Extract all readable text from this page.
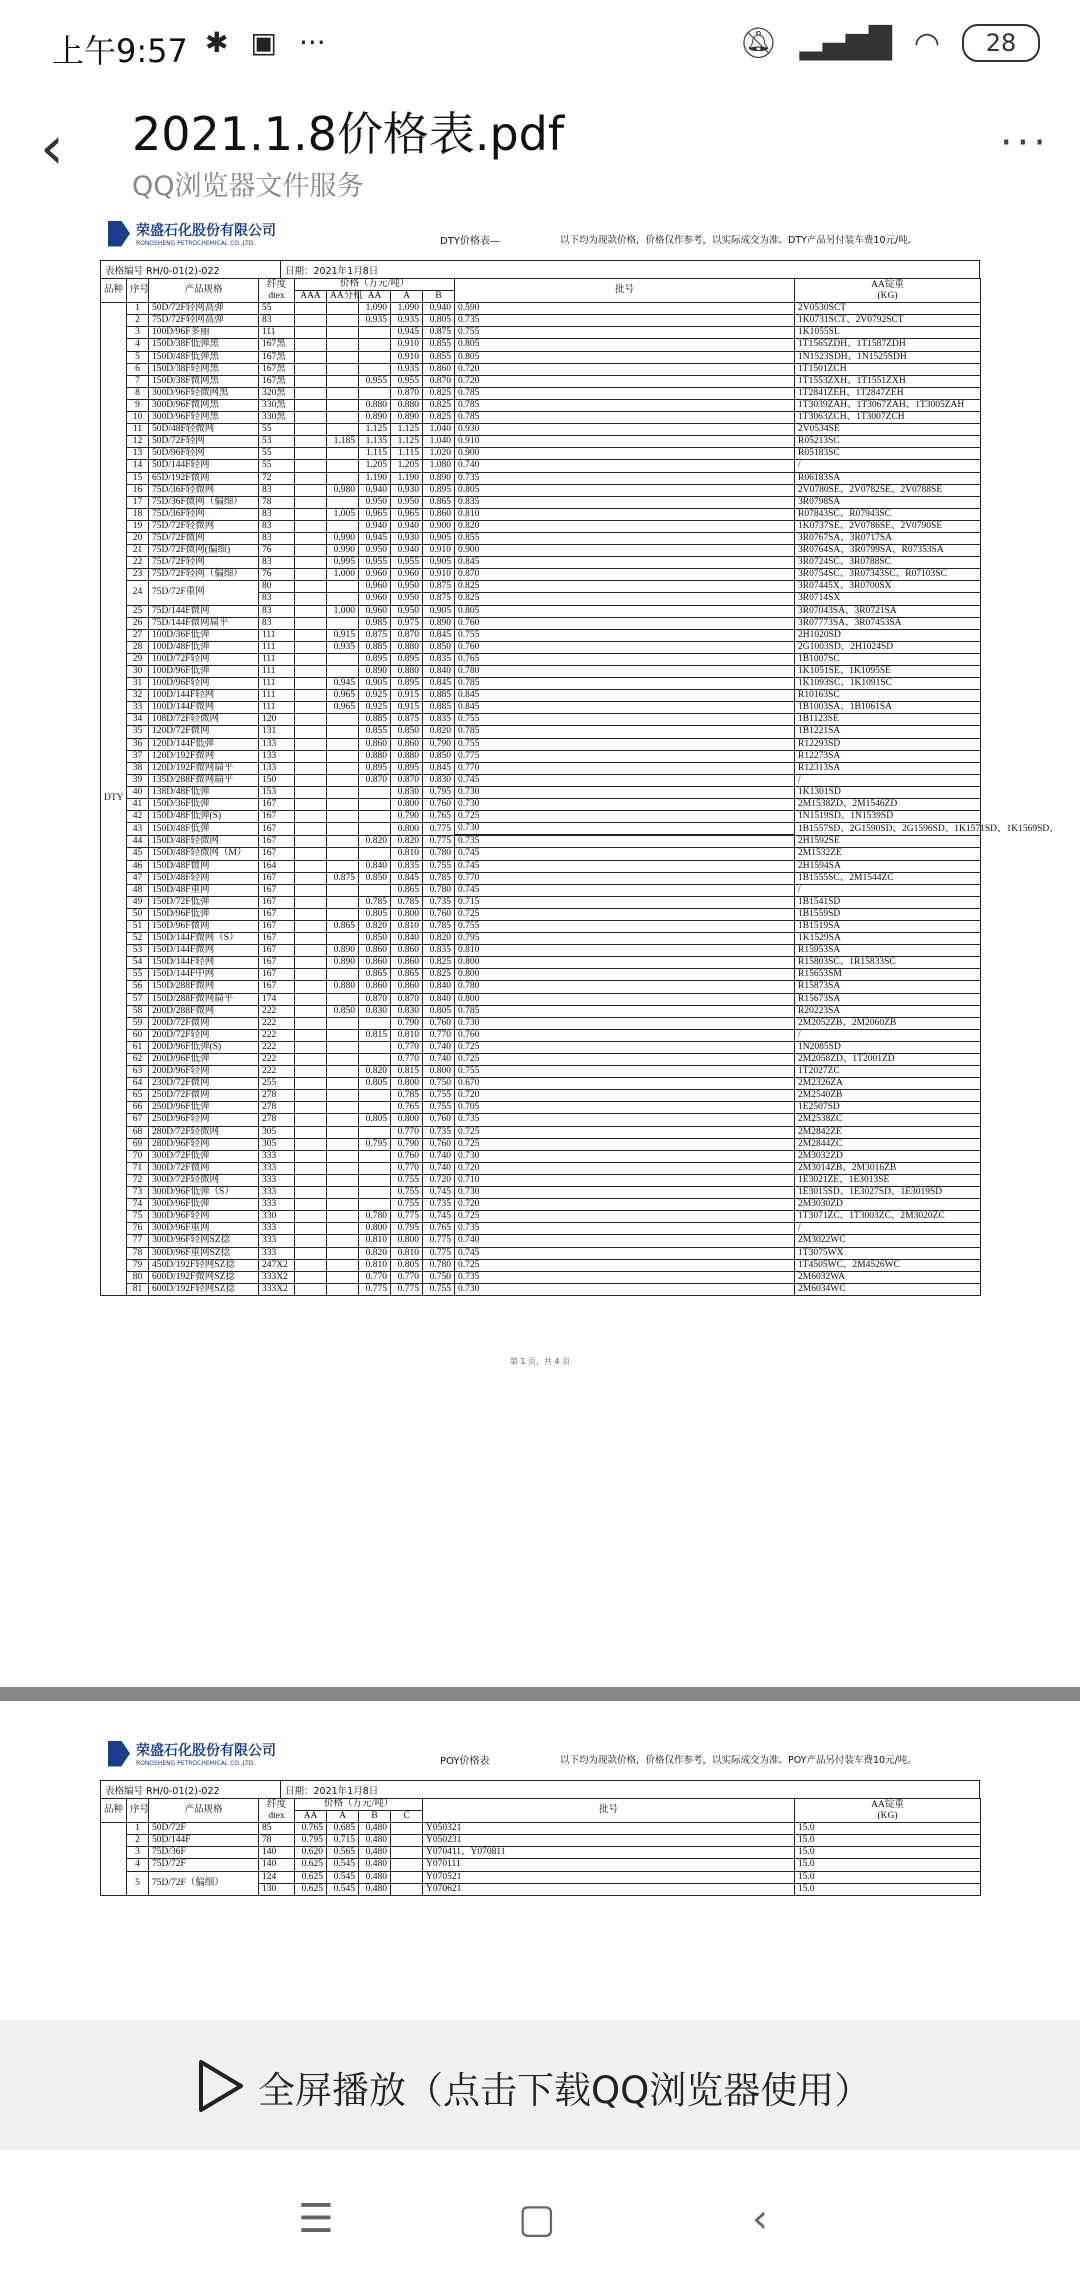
上午9:57 ✱ ▣ ···	🔕︎ ▂▄▆█ ◠	28
‹ 2021.1.8价格表.pdf
QQ浏览器文件服务
···
荣盛石化股份有限公司
RONGSHENG PETROCHEMICAL CO.,LTD.	DTY价格表—	以下均为现款价格，价格仅作参考，以实际成交为准。DTY产品另付装车费10元/吨。
表格编号 RH/0-01(2)-022	日期：2021年1月8日
品种	序号	产品规格	纤度
dtex	价格（万元/吨）					批号	AA锭重
(KG)
				AAA	AA分机	AA	A	B		
DTY	1	50D/72F轻网高弹	55			1.090	1.090	0.940	0.590	2V0530SCT
	2	75D/72F轻网高弹	83			0.935	0.935	0.805	0.735	1K0731SCT、2V0792SCT
	3	100D/96F多丽	111				0.945	0.875	0.755	1K1055SL
	4	150D/38F低弹黑	167黑				0.910	0.855	0.805	1T1565ZDH、1T1587ZDH
	5	150D/48F低弹黑	167黑				0.910	0.855	0.805	1N1523SDH、1N1525SDH
	6	150D/38F轻网黑	167黑				0.935	0.860	0.720	1T1501ZCH
	7	150D/38F微网黑	167黑			0.955	0.955	0.870	0.720	1T1553ZXH、1T1551ZXH
	8	300D/96F轻微网黑	320黑				0.870	0.825	0.785	1T2841ZEH、1T2847ZEH
	9	300D/96F微网黑	330黑			0.880	0.880	0.825	0.785	1T3039ZAH、1T3067ZAH、1T3005ZAH
	10	300D/96F轻网黑	330黑			0.890	0.890	0.825	0.785	1T3063ZCH、1T3007ZCH
	11	50D/48F轻微网	55			1.125	1.125	1.040	0.930	2V0534SE
	12	50D/72F轻网	53		1.185	1.135	1.125	1.040	0.910	R05213SC
	13	50D/96F轻网	55			1.115	1.115	1.020	0.900	R05183SC
	14	50D/144F轻网	55			1.205	1.205	1.080	0.740	/
	15	65D/192F微网	72			1.190	1.190	0.890	0.735	R06183SA
	16	75D/36F轻微网	83		0.980	0.940	0.930	0.895	0.805	2V0780SE、2V0782SE、2V0788SE
	17	75D/36F微网（偏细）	78			0.950	0.950	0.865	0.835	3R0798SA
	18	75D/36F轻网	83		1.005	0.965	0.965	0.860	0.810	R07843SC、R07943SC
	19	75D/72F轻微网	83			0.940	0.940	0.900	0.820	1K0737SE、2V0786SE、2V0790SE
	20	75D/72F微网	83		0.990	0.945	0.930	0.905	0.855	3R0767SA、3R0717SA
	21	75D/72F微网(偏细)	76		0.990	0.950	0.940	0.910	0.900	3R0764SA、3R0799SA、R07353SA
	22	75D/72F轻网	83		0.995	0.955	0.955	0.905	0.845	3R0724SC、3R0788SC
	23	75D/72F轻网（偏细）	76		1.000	0.960	0.960	0.910	0.870	3R0754SC、3R07343SC、R07103SC
	24	75D/72F重网	80			0.960	0.950	0.875	0.825	3R07445X、3R0700SX
			83			0.960	0.950	0.875	0.825	3R0714SX
	25	75D/144F微网	83		1.000	0.960	0.950	0.905	0.805	3R07043SA、3R0721SA
	26	75D/144F微网扁平	83			0.985	0.975	0.890	0.760	3R07773SA、3R07453SA
	27	100D/36F低弹	111		0.915	0.875	0.870	0.845	0.755	2H1020SD
	28	100D/48F低弹	111		0.935	0.885	0.880	0.850	0.760	2G1003SD、2H1024SD
	29	100D/72F轻网	111			0.895	0.895	0.835	0.765	1B1007SC
	30	100D/96F低弹	111			0.890	0.880	0.840	0.780	1K1051SE、1K1095SE
	31	100D/96F轻网	111		0.945	0.905	0.895	0.845	0.785	1K1093SC、1K1091SC
	32	100D/144F轻网	111		0.965	0.925	0.915	0.885	0.845	R10163SC
	33	100D/144F微网	111		0.965	0.925	0.915	0.885	0.845	1B1003SA、1B1061SA
	34	108D/72F轻微网	120			0.885	0.875	0.835	0.755	1B1123SE
	35	120D/72F微网	131			0.855	0.850	0.820	0.785	1B1221SA
	36	120D/144F低弹	133			0.860	0.860	0.790	0.755	R12293SD
	37	120D/192F微网	133			0.880	0.880	0.850	0.775	R12273SA
	38	120D/192F微网扁平	133			0.895	0.895	0.845	0.770	R12313SA
	39	135D/288F微网扁平	150			0.870	0.870	0.830	0.745	/
	40	138D/48F低弹	153				0.830	0.795	0.730	1K1301SD
	41	150D/36F低弹	167				0.800	0.760	0.730	2M1538ZD、2M1546ZD
	42	150D/48F低弹(S)	167				0.790	0.765	0.725	1N1519SD、1N1539SD
	43	150D/48F低弹	167				0.800	0.775	0.730	1B1557SD、2G1590SD、2G1596SD、1K1571SD、1K1569SD、

	44	150D/48F轻微网	167			0.820	0.820	0.775	0.735	2H1592SE
	45	150D/48F轻微网（M）	167				0.810	0.780	0.745	2M1532ZE
	46	150D/48F微网	164			0.840	0.835	0.755	0.745	2H1594SA
	47	150D/48F轻网	167		0.875	0.850	0.845	0.785	0.770	1B1555SC、2M1544ZC
	48	150D/48F重网	167				0.865	0.780	0.745	/
	49	150D/72F低弹	167			0.785	0.785	0.735	0.715	1B1541SD
	50	150D/96F低弹	167			0.805	0.800	0.760	0.725	1B1559SD
	51	150D/96F微网	167		0.865	0.820	0.810	0.785	0.755	1B1519SA
	52	150D/144F微网（S）	167			0.850	0.840	0.820	0.795	1K1529SA
	53	150D/144F微网	167		0.890	0.860	0.860	0.835	0.810	R15953SA
	54	150D/144F轻网	167		0.890	0.860	0.860	0.825	0.800	R15803SC、1R15833SC
	55	150D/144F中网	167			0.865	0.865	0.825	0.800	R15653SM
	56	150D/288F微网	167		0.880	0.860	0.860	0.840	0.780	R15873SA
	57	150D/288F微网扁平	174			0.870	0.870	0.840	0.800	R15673SA
	58	200D/288F微网	222		0.850	0.830	0.830	0.805	0.785	R20223SA
	59	200D/72F微网	222				0.790	0.760	0.730	2M2052ZB、2M2060ZB
	60	200D/72F轻网	222			0.815	0.810	0.770	0.760	/
	61	200D/96F低弹(S)	222				0.770	0.740	0.725	1N2085SD
	62	200D/96F低弹	222				0.770	0.740	0.725	2M2058ZD、1T2001ZD
	63	200D/96F轻网	222			0.820	0.815	0.800	0.755	1T2027ZC
	64	230D/72F微网	255			0.805	0.800	0.750	0.670	2M2326ZA
	65	250D/72F微网	278				0.785	0.755	0.720	2M2540ZB
	66	250D/96F低弹	278				0.765	0.755	0.705	1E2507SD
	67	250D/96F轻网	278			0.805	0.800	0.760	0.735	2M2538ZC
	68	280D/72F轻微网	305				0.770	0.735	0.725	2M2842ZE
	69	280D/96F轻网	305			0.795	0.790	0.760	0.725	2M2844ZC
	70	300D/72F低弹	333				0.760	0.740	0.730	2M3032ZD
	71	300D/72F微网	333				0.770	0.740	0.720	2M3014ZB、2M3016ZB
	72	300D/72F轻微网	333				0.755	0.720	0.710	1E3021ZE、1E3013SE
	73	300D/96F低弹（S）	333				0.755	0.745	0.730	1E3015SD、1E3027SD、1E3019SD
	74	300D/96F低弹	333				0.755	0.735	0.720	2M3030ZD
	75	300D/96F轻网	330			0.780	0.775	0.745	0.725	1T3071ZC、1T3003ZC、2M3020ZC
	76	300D/96F重网	333			0.800	0.795	0.765	0.735	/
	77	300D/96F轻网SZ捻	333			0.810	0.800	0.775	0.740	2M3022WC
	78	300D/96F重网SZ捻	333			0.820	0.810	0.775	0.745	1T3075WX
	79	450D/192F轻网SZ捻	247X2			0.810	0.805	0.780	0.725	1T4505WC、2M4526WC
	80	600D/192F微网SZ捻	333X2			0.770	0.770	0.750	0.735	2M6032WA
	81	600D/192F轻网SZ捻	333X2			0.775	0.775	0.755	0.730	2M6034WC
第 1 页，共 4 页
荣盛石化股份有限公司
RONGSHENG PETROCHEMICAL CO.,LTD.	POY价格表	以下均为现款价格，价格仅作参考，以实际成交为准。POY产品另付装车费10元/吨。
表格编号 RH/0-01(2)-022	日期：2021年1月8日
品种	序号	产品规格	纤度
dtex	价格（万元/吨）				批号	AA锭重
(KG)
				AA	A	B	C		
	1	50D/72F	85	0.765	0.685	0.480		Y050321	15.0
	2	50D/144F	78	0.795	0.715	0.480		Y050231	15.0
	3	75D/36F	140	0.620	0.565	0.480		Y070411、Y070811	15.0
	4	75D/72F	140	0.625	0.545	0.480		Y070111	15.0
	5	75D/72F（偏细）	124	0.625	0.545	0.480		Y070521	15.0
			130	0.625	0.545	0.480		Y070621	15.0
全屏播放（点击下载QQ浏览器使用）
☰	▢	‹
